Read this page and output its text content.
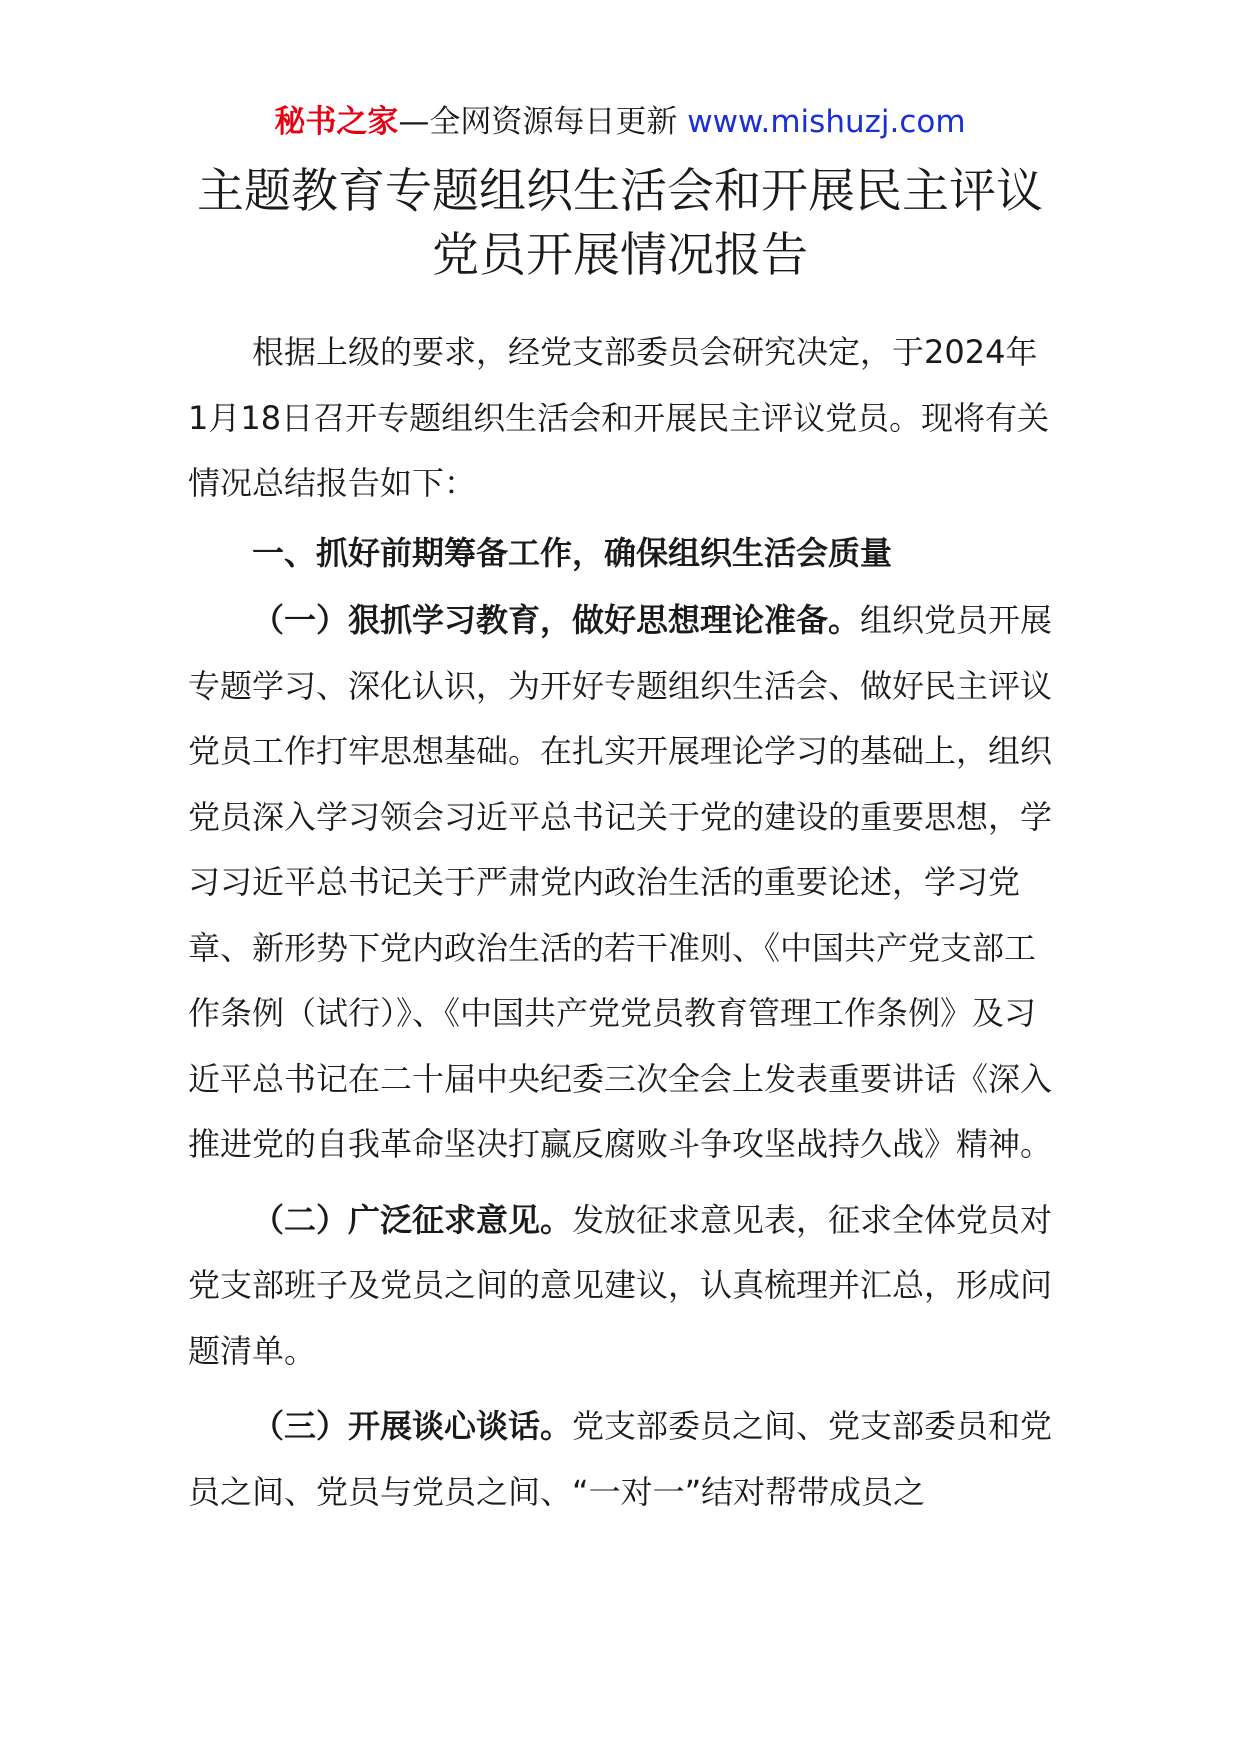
秘书之家—全网资源每日更新 www.mishuzj.com
主题教育专题组织生活会和开展民主评议
党员开展情况报告

根据上级的要求，经党支部委员会研究决定，于2024年1月18日召开专题组织生活会和开展民主评议党员。现将有关情况总结报告如下：

一、抓好前期筹备工作，确保组织生活会质量

（一）狠抓学习教育，做好思想理论准备。组织党员开展专题学习、深化认识，为开好专题组织生活会、做好民主评议党员工作打牢思想基础。在扎实开展理论学习的基础上，组织党员深入学习领会习近平总书记关于党的建设的重要思想，学习习近平总书记关于严肃党内政治生活的重要论述，学习党章、新形势下党内政治生活的若干准则、《中国共产党支部工作条例（试行）》、《中国共产党党员教育管理工作条例》及习近平总书记在二十届中央纪委三次全会上发表重要讲话《深入推进党的自我革命坚决打赢反腐败斗争攻坚战持久战》精神。

（二）广泛征求意见。发放征求意见表，征求全体党员对党支部班子及党员之间的意见建议，认真梳理并汇总，形成问题清单。

（三）开展谈心谈话。党支部委员之间、党支部委员和党员之间、党员与党员之间、“一对一”结对帮带成员之
